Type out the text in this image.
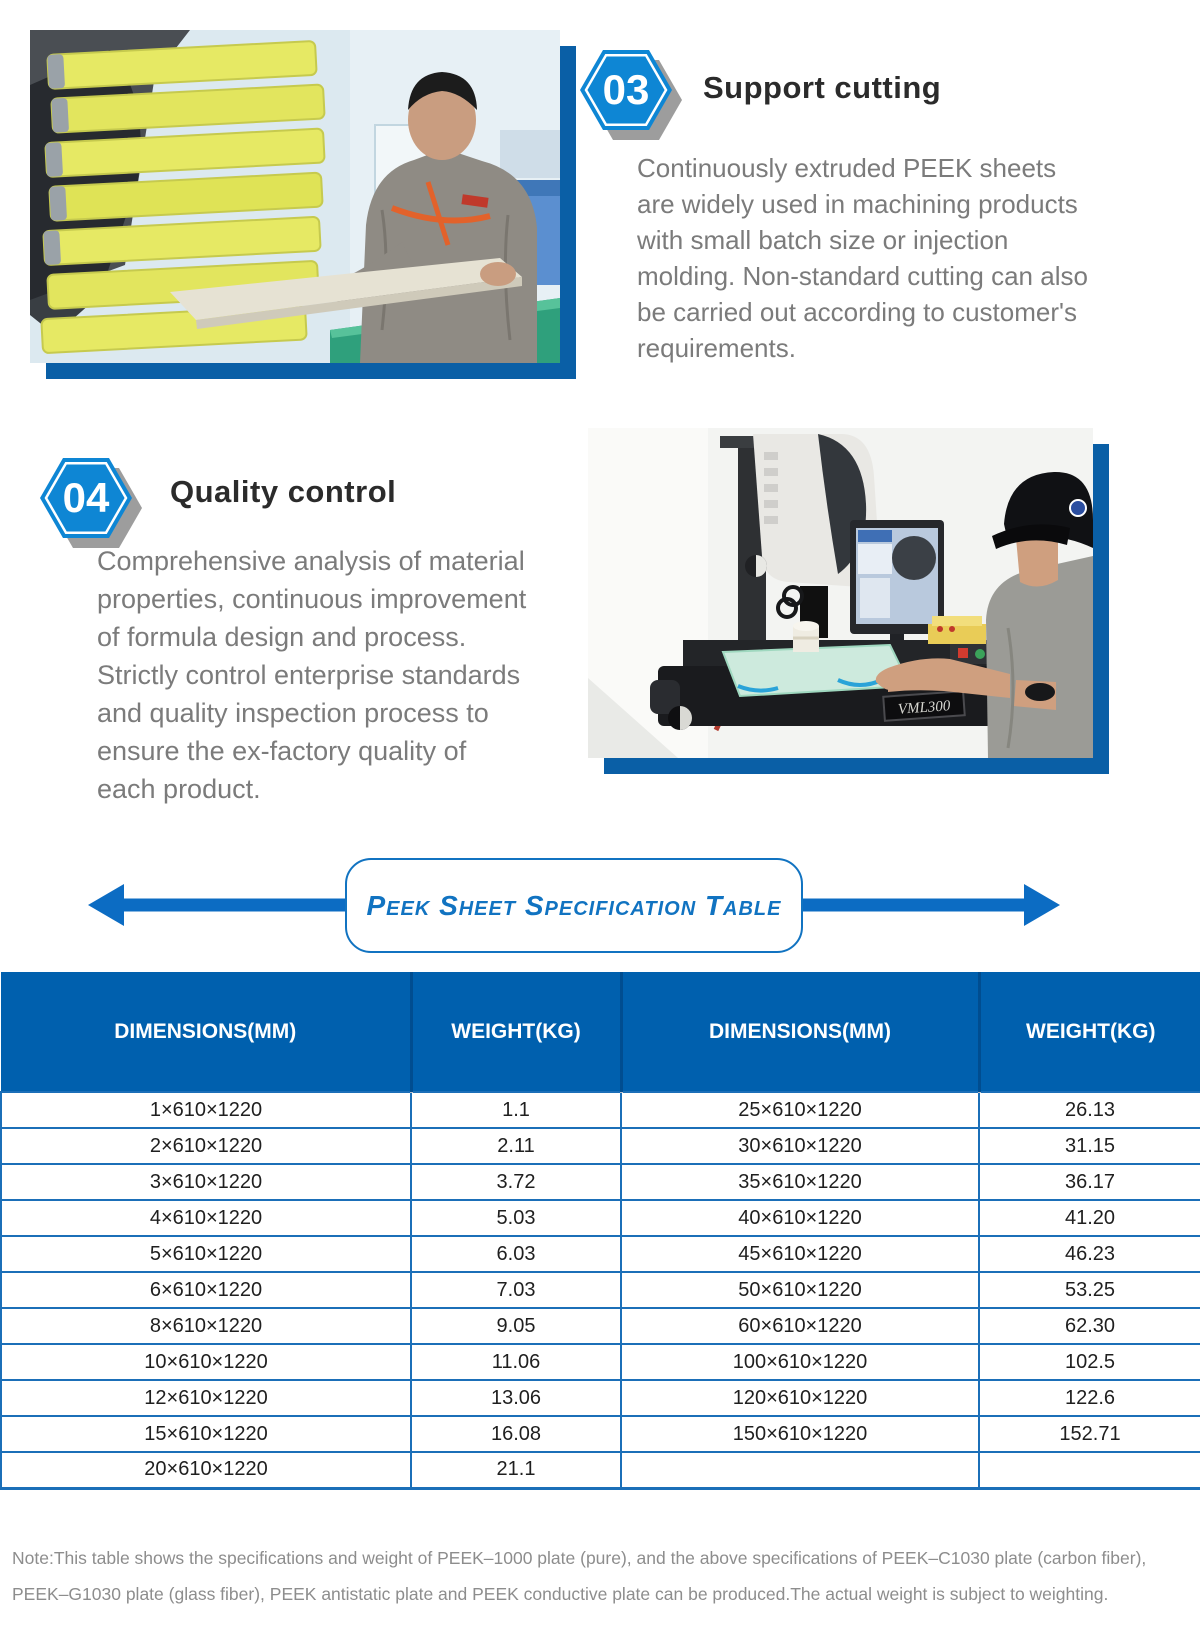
03	Support cutting
Continuously extruded PEEK sheets
are widely used in machining products
with small batch size or injection
molding. Non-standard cutting can also
be carried out according to customer's
requirements.
04	Quality control
Comprehensive analysis of material
properties, continuous improvement
of formula design and process.
Strictly control enterprise standards
and quality inspection process to
ensure the ex-factory quality of
each product.
VML300
Peek Sheet Specification Table
DIMENSIONS(MM)	WEIGHT(KG)	DIMENSIONS(MM)	WEIGHT(KG)
1×610×1220	1.1	25×610×1220	26.13
2×610×1220	2.11	30×610×1220	31.15
3×610×1220	3.72	35×610×1220	36.17
4×610×1220	5.03	40×610×1220	41.20
5×610×1220	6.03	45×610×1220	46.23
6×610×1220	7.03	50×610×1220	53.25
8×610×1220	9.05	60×610×1220	62.30
10×610×1220	11.06	100×610×1220	102.5
12×610×1220	13.06	120×610×1220	122.6
15×610×1220	16.08	150×610×1220	152.71
20×610×1220	21.1		
Note:This table shows the specifications and weight of PEEK–1000 plate (pure), and the above specifications of PEEK–C1030 plate (carbon fiber),
PEEK–G1030 plate (glass fiber), PEEK antistatic plate and PEEK conductive plate can be produced.The actual weight is subject to weighting.
